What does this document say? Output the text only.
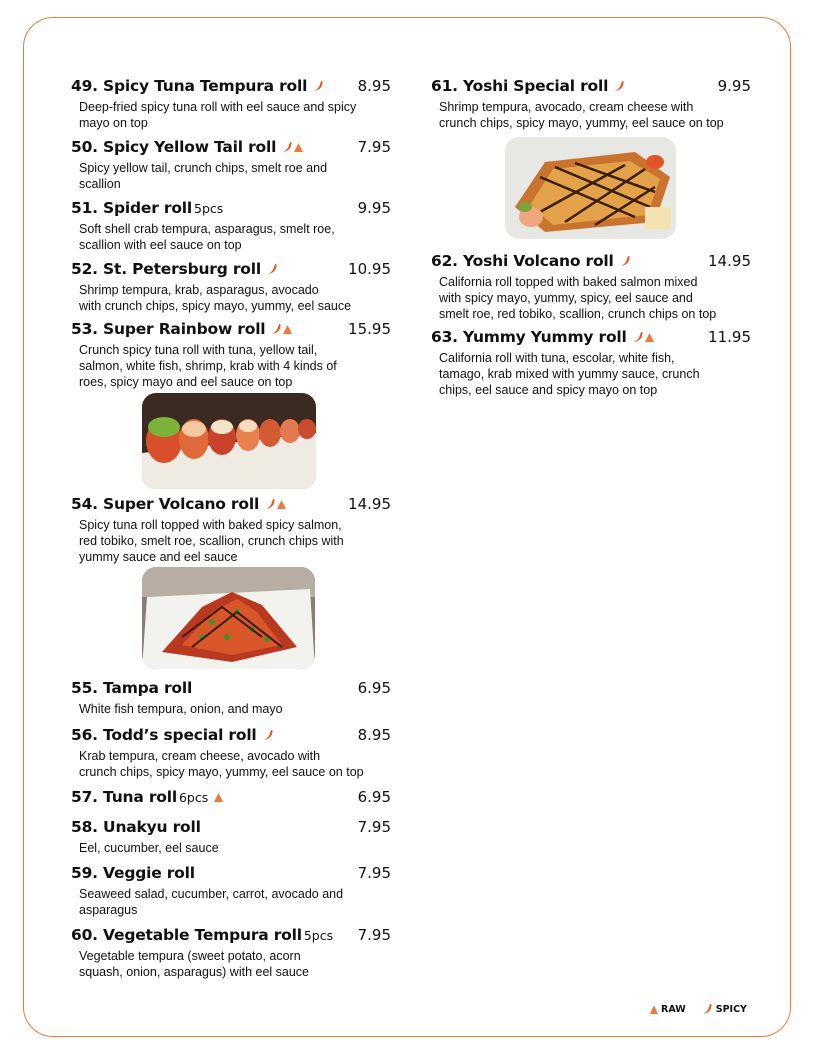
49. Spicy Tuna Tempura roll	8.95
Deep-fried spicy tuna roll with eel sauce and spicy
mayo on top
50. Spicy Yellow Tail roll	7.95
Spicy yellow tail, crunch chips, smelt roe and
scallion
51. Spider roll 5pcs	9.95
Soft shell crab tempura, asparagus, smelt roe,
scallion with eel sauce on top
52. St. Petersburg roll	10.95
Shrimp tempura, krab, asparagus, avocado
with crunch chips, spicy mayo, yummy, eel sauce
53. Super Rainbow roll	15.95
Crunch spicy tuna roll with tuna, yellow tail,
salmon, white fish, shrimp, krab with 4 kinds of
roes, spicy mayo and eel sauce on top
54. Super Volcano roll	14.95
Spicy tuna roll topped with baked spicy salmon,
red tobiko, smelt roe, scallion, crunch chips with
yummy sauce and eel sauce
55. Tampa roll	6.95
White fish tempura, onion, and mayo
56. Todd’s special roll	8.95
Krab tempura, cream cheese, avocado with
crunch chips, spicy mayo, yummy, eel sauce on top
57. Tuna roll 6pcs	6.95
58. Unakyu roll	7.95
Eel, cucumber, eel sauce
59. Veggie roll	7.95
Seaweed salad, cucumber, carrot, avocado and
asparagus
60. Vegetable Tempura roll 5pcs 7.95
Vegetable tempura (sweet potato, acorn
squash, onion, asparagus) with eel sauce
61. Yoshi Special roll	9.95
Shrimp tempura, avocado, cream cheese with
crunch chips, spicy mayo, yummy, eel sauce on top
62. Yoshi Volcano roll	14.95
California roll topped with baked salmon mixed
with spicy mayo, yummy, spicy, eel sauce and
smelt roe, red tobiko, scallion, crunch chips on top
63. Yummy Yummy roll	11.95
California roll with tuna, escolar, white fish,
tamago, krab mixed with yummy sauce, crunch
chips, eel sauce and spicy mayo on top
RAW	SPICY
